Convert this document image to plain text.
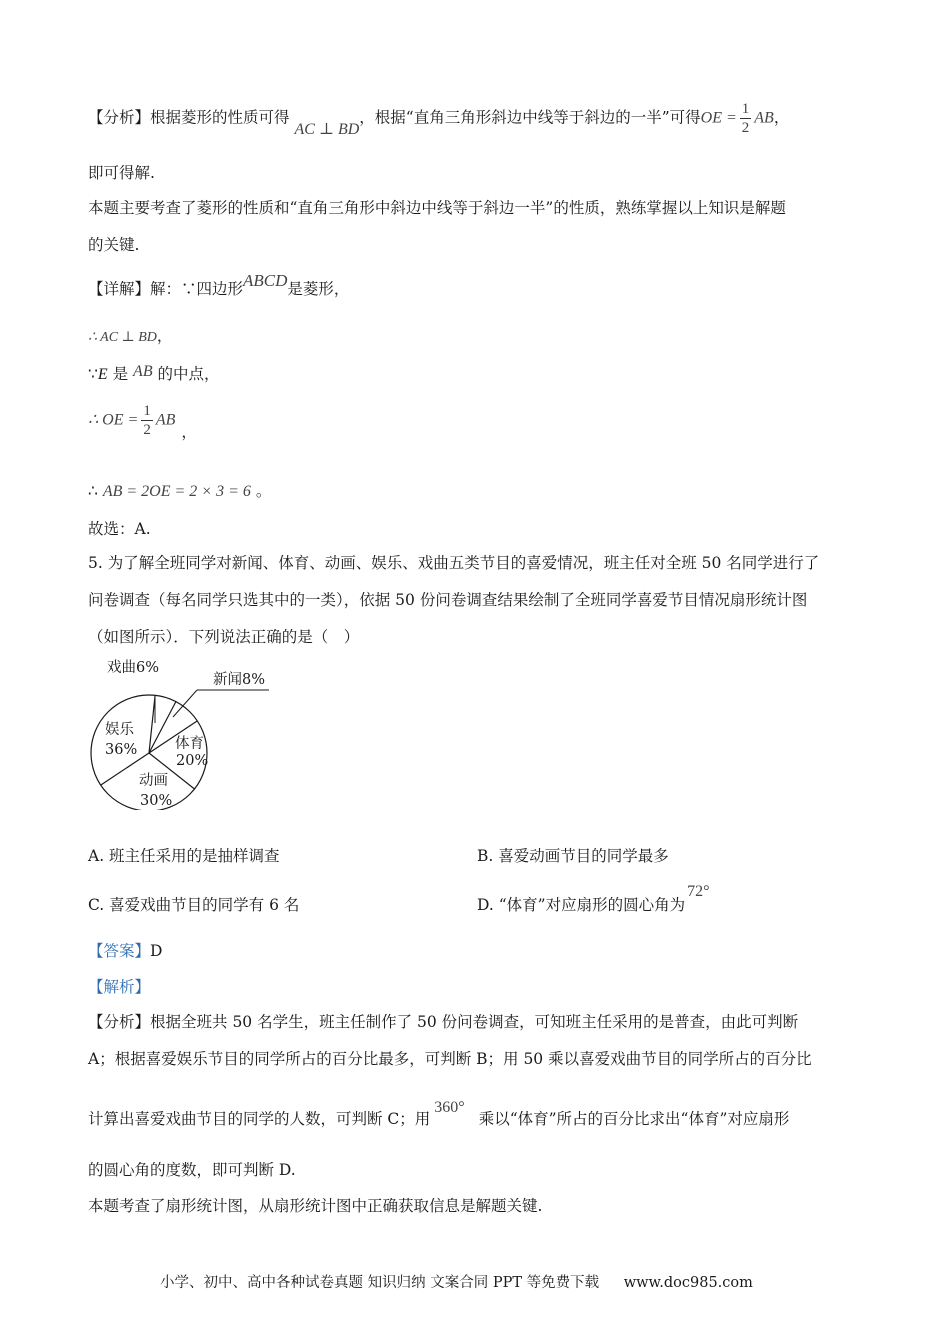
【分析】根据菱形的性质可得 AC ⊥ BD，根据“直角三角形斜边中线等于斜边的一半”可得OE = $\frac{1}{2}$ AB，
即可得解.
本题主要考查了菱形的性质和“直角三角形中斜边中线等于斜边一半”的性质，熟练掌握以上知识是解题
的关键.
【详解】解：∵四边形ABCD是菱形，
∴ AC ⊥ BD，
∵E 是 AB 的中点，
∴ OE = $\frac{1}{2}$ AB，
∴ AB = 2OE = 2 × 3 = 6 。
故选：A.
5. 为了解全班同学对新闻、体育、动画、娱乐、戏曲五类节目的喜爱情况，班主任对全班 50 名同学进行了
问卷调查（每名同学只选其中的一类），依据 50 份问卷调查结果绘制了全班同学喜爱节目情况扇形统计图
（如图所示）．下列说法正确的是（　）
戏曲6%
新闻8%
体育
20%
动画
30%
娱乐
36%
A. 班主任采用的是抽样调查	B. 喜爱动画节目的同学最多
C. 喜爱戏曲节目的同学有 6 名	D. “体育”对应扇形的圆心角为72°
【答案】D
【解析】
【分析】根据全班共 50 名学生，班主任制作了 50 份问卷调查，可知班主任采用的是普查，由此可判断
A；根据喜爱娱乐节目的同学所占的百分比最多，可判断 B；用 50 乘以喜爱戏曲节目的同学所占的百分比
计算出喜爱戏曲节目的同学的人数，可判断 C；用360°乘以“体育”所占的百分比求出“体育”对应扇形
的圆心角的度数，即可判断 D.
本题考查了扇形统计图，从扇形统计图中正确获取信息是解题关键.
小学、初中、高中各种试卷真题 知识归纳 文案合同 PPT 等免费下载 www.doc985.com
